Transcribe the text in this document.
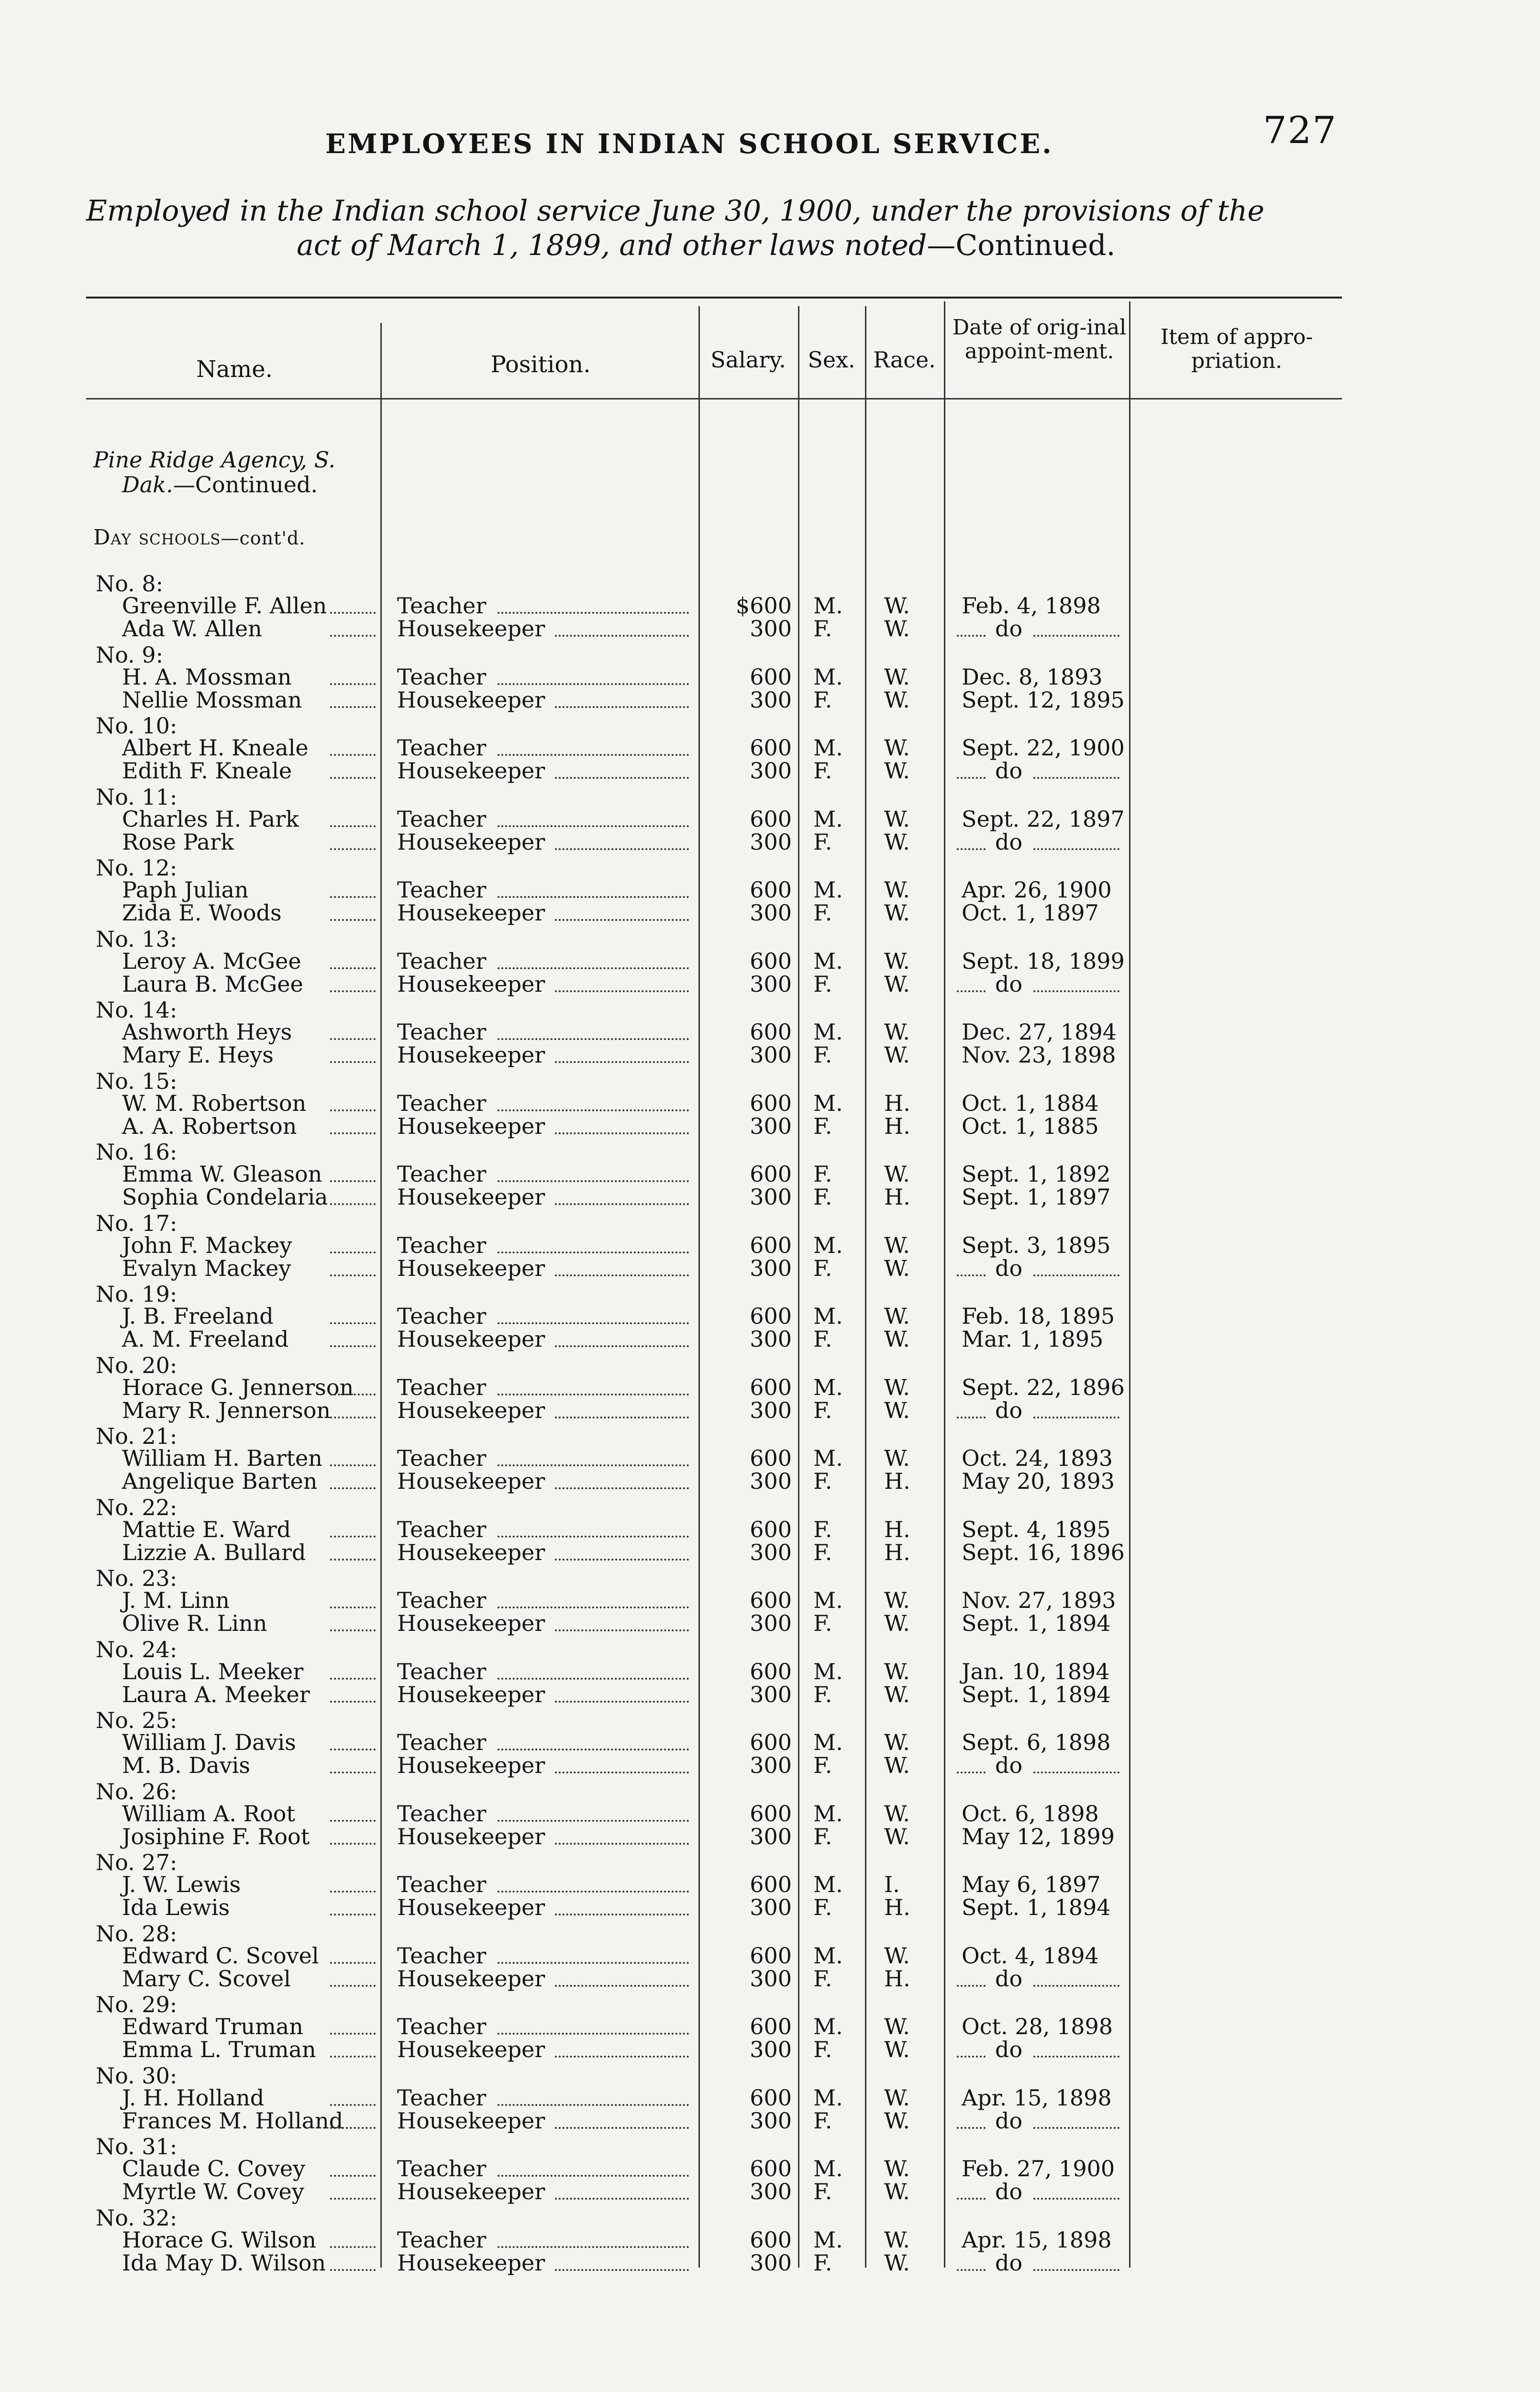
727
EMPLOYEES IN INDIAN SCHOOL SERVICE.
Employed in the Indian school service June 30, 1900, under the provisions of the
act of March 1, 1899, and other laws noted—Continued.
Name.	Position.	Salary. Sex. Race.
Date of orig-inal appoint-ment.
Item of appro-priation.
Pine Ridge Agency, S.
Dak.—Continued.
Day schools—cont'd.
No. 8:
Greenville F. Allen	Teacher	$600 M. W. Feb. 4, 1898
Ada W. Allen	Housekeeper	300 F. W.	do
No. 9:
H. A. Mossman	Teacher	600 M. W. Dec. 8, 1893
Nellie Mossman	Housekeeper	300 F. W. Sept. 12, 1895
No. 10:
Albert H. Kneale	Teacher	600 M. W. Sept. 22, 1900
Edith F. Kneale	Housekeeper	300 F. W.	do
No. 11:
Charles H. Park	Teacher	600 M. W. Sept. 22, 1897
Rose Park	Housekeeper	300 F. W.	do
No. 12:
Paph Julian	Teacher	600 M. W. Apr. 26, 1900
Zida E. Woods	Housekeeper	300 F. W. Oct. 1, 1897
No. 13:
Leroy A. McGee	Teacher	600 M. W. Sept. 18, 1899
Laura B. McGee	Housekeeper	300 F. W.	do
No. 14:
Ashworth Heys	Teacher	600 M. W. Dec. 27, 1894
Mary E. Heys	Housekeeper	300 F. W. Nov. 23, 1898
No. 15:
W. M. Robertson	Teacher	600 M. H. Oct. 1, 1884
A. A. Robertson	Housekeeper	300 F. H. Oct. 1, 1885
No. 16:
Emma W. Gleason	Teacher	600 F. W. Sept. 1, 1892
Sophia Condelaria	Housekeeper	300 F. H. Sept. 1, 1897
No. 17:
John F. Mackey	Teacher	600 M. W. Sept. 3, 1895
Evalyn Mackey	Housekeeper	300 F. W.	do
No. 19:
J. B. Freeland	Teacher	600 M. W. Feb. 18, 1895
A. M. Freeland	Housekeeper	300 F. W. Mar. 1, 1895
No. 20:
Horace G. Jennerson Teacher	600 M. W. Sept. 22, 1896
Mary R. Jennerson	Housekeeper	300 F. W.	do
No. 21:
William H. Barten	Teacher	600 M. W. Oct. 24, 1893
Angelique Barten	Housekeeper	300 F. H. May 20, 1893
No. 22:
Mattie E. Ward	Teacher	600 F. H. Sept. 4, 1895
Lizzie A. Bullard	Housekeeper	300 F. H. Sept. 16, 1896
No. 23:
J. M. Linn	Teacher	600 M. W. Nov. 27, 1893
Olive R. Linn	Housekeeper	300 F. W. Sept. 1, 1894
No. 24:
Louis L. Meeker	Teacher	600 M. W. Jan. 10, 1894
Laura A. Meeker	Housekeeper	300 F. W. Sept. 1, 1894
No. 25:
William J. Davis	Teacher	600 M. W. Sept. 6, 1898
M. B. Davis	Housekeeper	300 F. W.	do
No. 26:
William A. Root	Teacher	600 M. W. Oct. 6, 1898
Josiphine F. Root	Housekeeper	300 F. W. May 12, 1899
No. 27:
J. W. Lewis	Teacher	600 M. I.	May 6, 1897
Ida Lewis	Housekeeper	300 F. H. Sept. 1, 1894
No. 28:
Edward C. Scovel	Teacher	600 M. W. Oct. 4, 1894
Mary C. Scovel	Housekeeper	300 F. H.	do
No. 29:
Edward Truman	Teacher	600 M. W. Oct. 28, 1898
Emma L. Truman	Housekeeper	300 F. W.	do
No. 30:
J. H. Holland	Teacher	600 M. W. Apr. 15, 1898
Frances M. Holland Housekeeper	300 F. W.	do
No. 31:
Claude C. Covey	Teacher	600 M. W. Feb. 27, 1900
Myrtle W. Covey	Housekeeper	300 F. W.	do
No. 32:
Horace G. Wilson	Teacher	600 M. W. Apr. 15, 1898
Ida May D. Wilson	Housekeeper	300 F. W.	do
